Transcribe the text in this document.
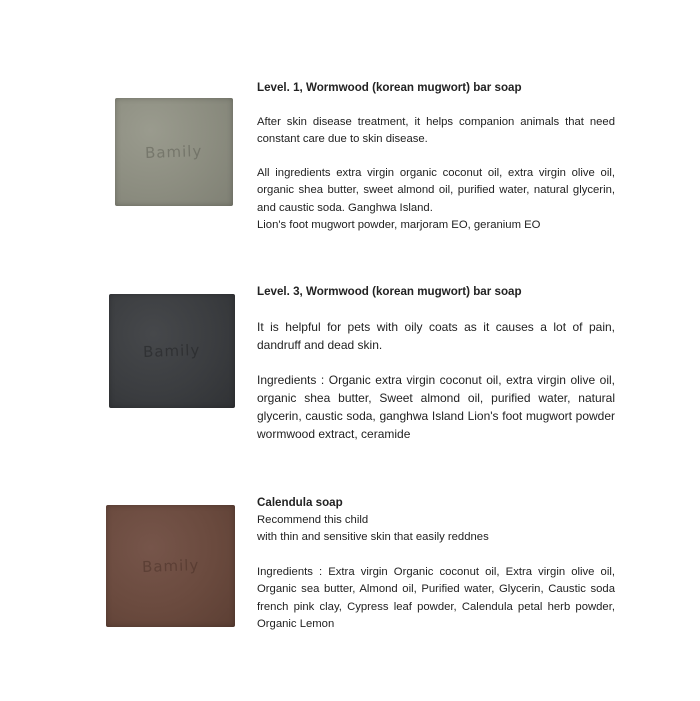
Bamily

Level. 1, Wormwood (korean mugwort) bar soap

After skin disease treatment, it helps companion animals that need constant care due to skin disease.

All ingredients extra virgin organic coconut oil, extra virgin olive oil, organic shea butter, sweet almond oil, purified water, natural glycerin, and caustic soda. Ganghwa Island.

Lion's foot mugwort powder, marjoram EO, geranium EO

Bamily

Level. 3, Wormwood (korean mugwort) bar soap

It is helpful for pets with oily coats as it causes a lot of pain, dandruff and dead skin.

Ingredients : Organic extra virgin coconut oil, extra virgin olive oil, organic shea butter, Sweet almond oil, purified water, natural glycerin, caustic soda, ganghwa Island Lion's foot mugwort powder wormwood extract, ceramide

Bamily

Calendula soap

Recommend this child

with thin and sensitive skin that easily reddnes

Ingredients : Extra virgin Organic coconut oil, Extra virgin olive oil, Organic sea butter, Almond oil, Purified water, Glycerin, Caustic soda french pink clay, Cypress leaf powder, Calendula petal herb powder, Organic Lemon
